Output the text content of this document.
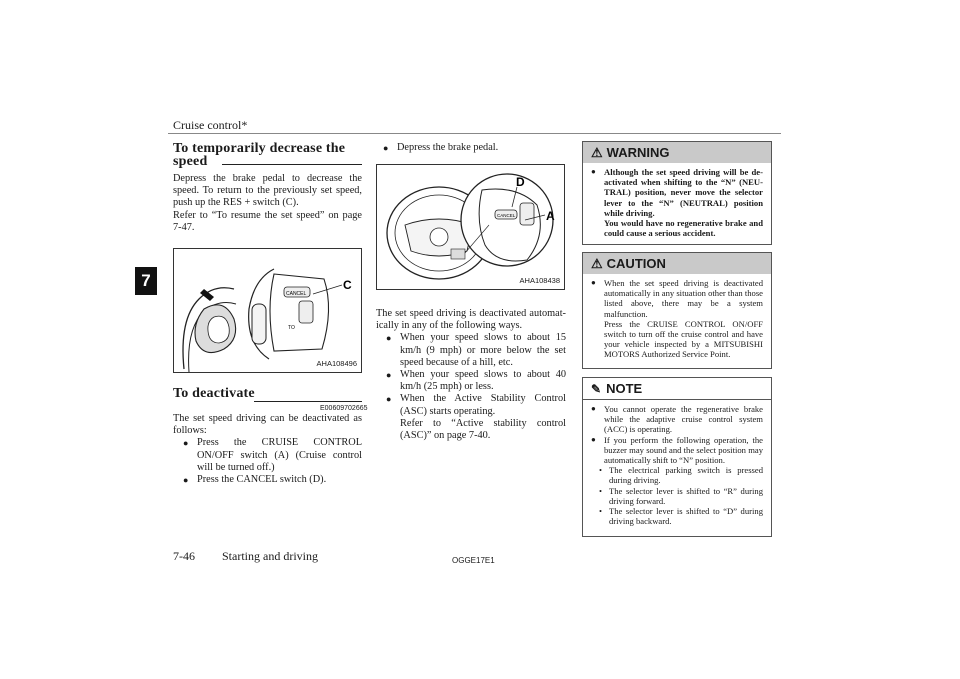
Cruise control*
7
To temporarily decrease the
speed
Depress the brake pedal to decrease the speed. To return to the previously set speed, push up the RES + switch (C).
Refer to “To resume the set speed” on page 7-47.
CANCEL
TO
C
AHA108496
To deactivate
E00609702665
The set speed driving can be deactivated as follows:
● Press the CRUISE CONTROL ON/OFF switch (A) (Cruise control will be turned off.)
● Press the CANCEL switch (D).
● Depress the brake pedal.
CANCEL
D
A
AHA108438
The set speed driving is deactivated automat- ically in any of the following ways.
● When your speed slows to about 15 km/h (9 mph) or more below the set speed because of a hill, etc.
● When your speed slows to about 40 km/h (25 mph) or less.
● When the Active Stability Control (ASC) starts operating.
Refer to “Active stability control (ASC)” on page 7-40.
⚠ WARNING
● Although the set speed driving will be de- activated when shifting to the “N” (NEU- TRAL) position, never move the selector lever to the “N” (NEUTRAL) position while driving.
You would have no regenerative brake and could cause a serious accident.
⚠ CAUTION
● When the set speed driving is deactivated automatically in any situation other than those listed above, there may be a system malfunction.
Press the CRUISE CONTROL ON/OFF switch to turn off the cruise control and have your vehicle inspected by a MITSUBISHI MOTORS Authorized Service Point.
✎ NOTE
● You cannot operate the regenerative brake while the adaptive cruise control system (ACC) is operating.
● If you perform the following operation, the buzzer may sound and the select position may automatically shift to “N” position.
• The electrical parking switch is pressed during driving.
• The selector lever is shifted to “R” during driving forward.
• The selector lever is shifted to “D” during driving backward.
7-46 Starting and driving	OGGE17E1
